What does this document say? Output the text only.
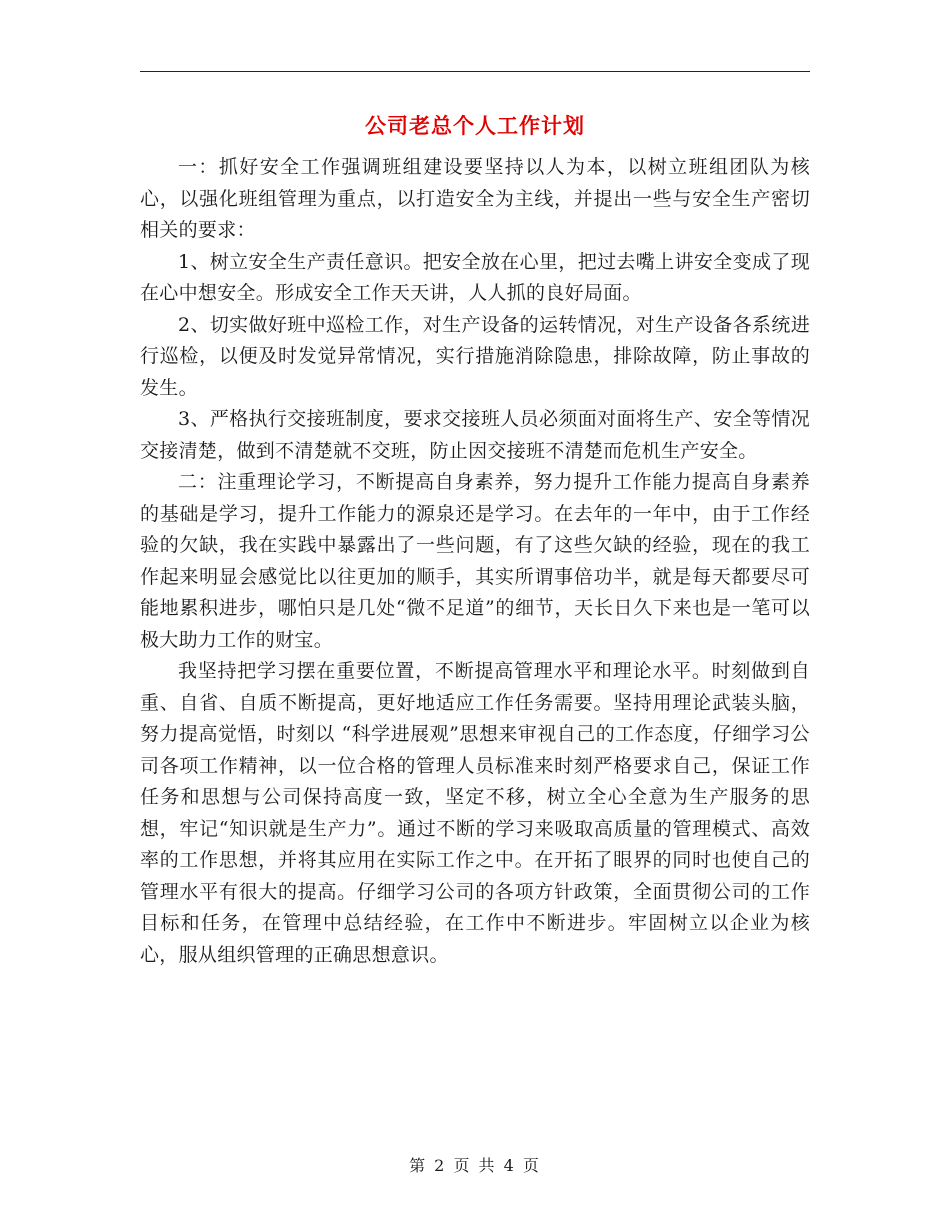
公司老总个人工作计划

一：抓好安全工作强调班组建设要坚持以人为本，以树立班组团队为核心，以强化班组管理为重点，以打造安全为主线，并提出一些与安全生产密切相关的要求：

1、树立安全生产责任意识。把安全放在心里，把过去嘴上讲安全变成了现在心中想安全。形成安全工作天天讲，人人抓的良好局面。

2、切实做好班中巡检工作，对生产设备的运转情况，对生产设备各系统进行巡检，以便及时发觉异常情况，实行措施消除隐患，排除故障，防止事故的发生。

3、严格执行交接班制度，要求交接班人员必须面对面将生产、安全等情况交接清楚，做到不清楚就不交班，防止因交接班不清楚而危机生产安全。

二：注重理论学习，不断提高自身素养，努力提升工作能力提高自身素养的基础是学习，提升工作能力的源泉还是学习。在去年的一年中，由于工作经验的欠缺，我在实践中暴露出了一些问题，有了这些欠缺的经验，现在的我工作起来明显会感觉比以往更加的顺手，其实所谓事倍功半，就是每天都要尽可能地累积进步，哪怕只是几处“微不足道”的细节，天长日久下来也是一笔可以极大助力工作的财宝。

我坚持把学习摆在重要位置，不断提高管理水平和理论水平。时刻做到自重、自省、自质不断提高，更好地适应工作任务需要。坚持用理论武装头脑，努力提高觉悟，时刻以 “科学进展观”思想来审视自己的工作态度，仔细学习公司各项工作精神，以一位合格的管理人员标准来时刻严格要求自己，保证工作任务和思想与公司保持高度一致，坚定不移，树立全心全意为生产服务的思想，牢记“知识就是生产力”。通过不断的学习来吸取高质量的管理模式、高效率的工作思想，并将其应用在实际工作之中。在开拓了眼界的同时也使自己的管理水平有很大的提高。仔细学习公司的各项方针政策，全面贯彻公司的工作目标和任务，在管理中总结经验，在工作中不断进步。牢固树立以企业为核心，服从组织管理的正确思想意识。

第 2 页 共 4 页
